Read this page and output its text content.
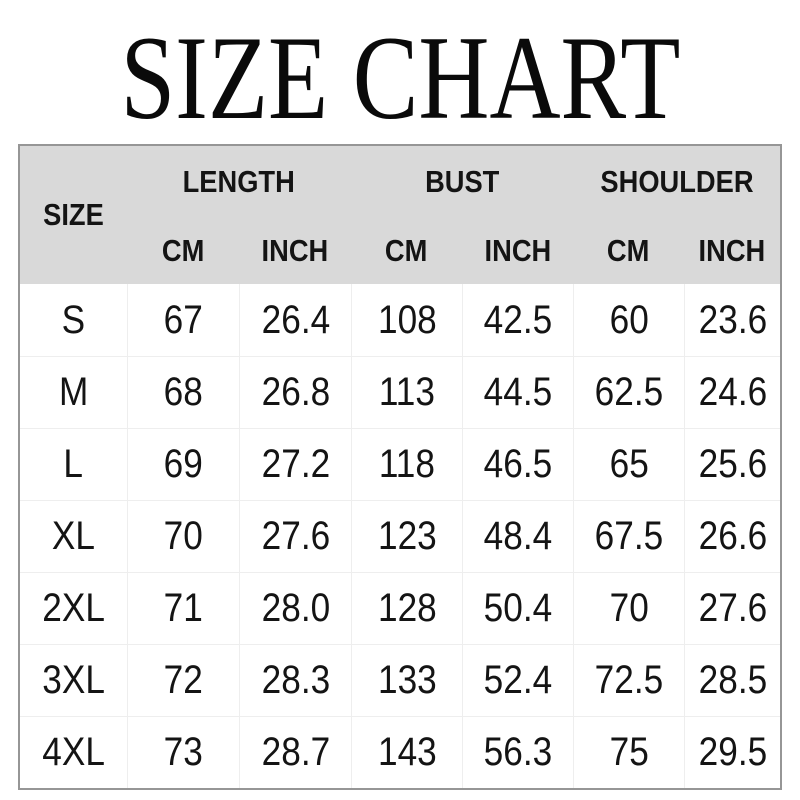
SIZE CHART
SIZE
LENGTH	BUST	SHOULDER
CM INCH CM INCH CM INCH
S 67 26.4 108 42.5 60 23.6
M 68 26.8 113 44.5 62.5 24.6
L 69 27.2 118 46.5 65 25.6
XL 70 27.6 123 48.4 67.5 26.6
2XL 71 28.0 128 50.4 70 27.6
3XL 72 28.3 133 52.4 72.5 28.5
4XL 73 28.7 143 56.3 75 29.5
